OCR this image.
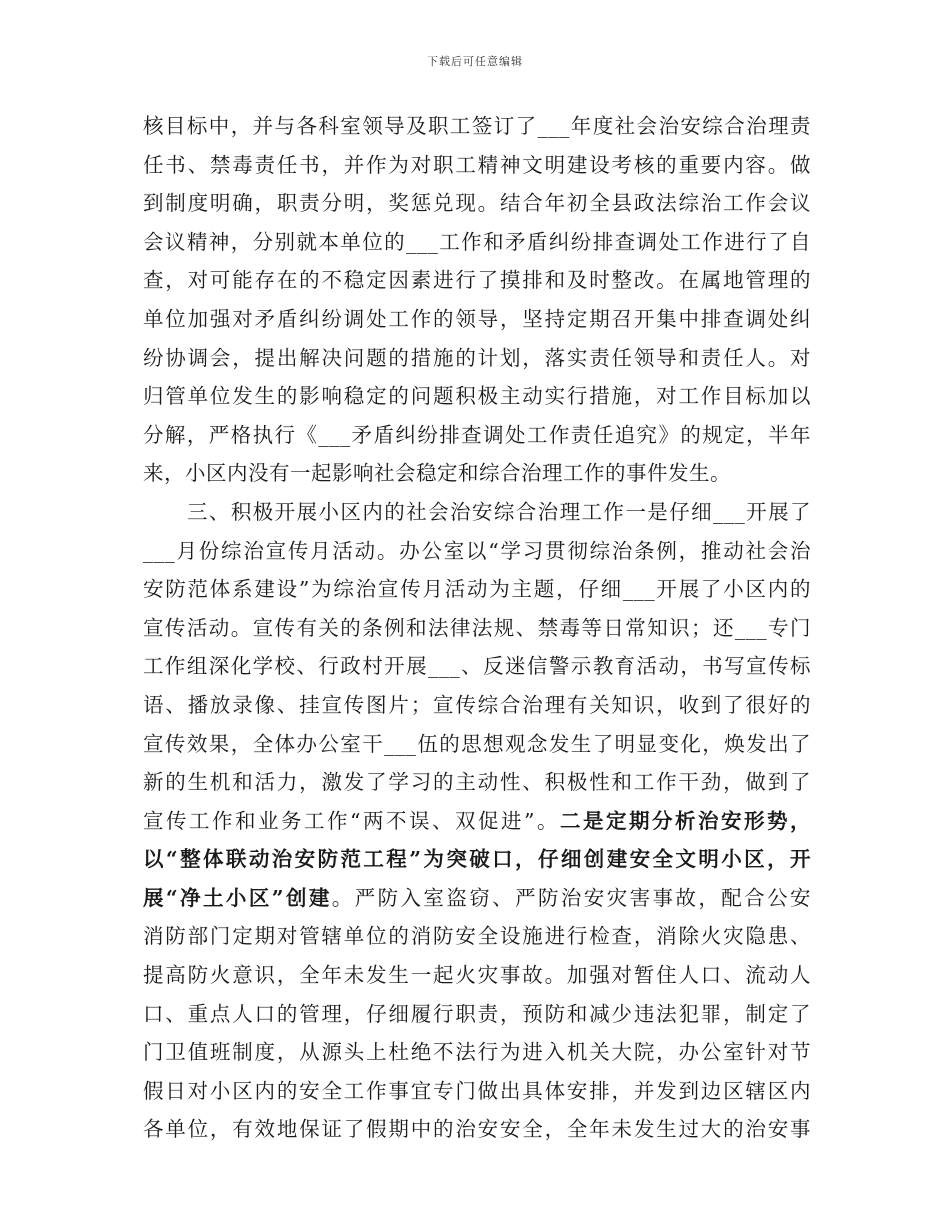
下载后可任意编辑
核目标中，并与各科室领导及职工签订了___年度社会治安综合治理责
任书、禁毒责任书，并作为对职工精神文明建设考核的重要内容。做
到制度明确，职责分明，奖惩兑现。结合年初全县政法综治工作会议
会议精神，分别就本单位的___工作和矛盾纠纷排查调处工作进行了自
查，对可能存在的不稳定因素进行了摸排和及时整改。在属地管理的
单位加强对矛盾纠纷调处工作的领导，坚持定期召开集中排查调处纠
纷协调会，提出解决问题的措施的计划，落实责任领导和责任人。对
归管单位发生的影响稳定的问题积极主动实行措施，对工作目标加以
分解，严格执行《___矛盾纠纷排查调处工作责任追究》的规定，半年
来，小区内没有一起影响社会稳定和综合治理工作的事件发生。
三、积极开展小区内的社会治安综合治理工作一是仔细___开展了
___月份综治宣传月活动。办公室以“学习贯彻综治条例，推动社会治
安防范体系建设”为综治宣传月活动为主题，仔细___开展了小区内的
宣传活动。宣传有关的条例和法律法规、禁毒等日常知识；还___专门
工作组深化学校、行政村开展___、反迷信警示教育活动，书写宣传标
语、播放录像、挂宣传图片；宣传综合治理有关知识，收到了很好的
宣传效果，全体办公室干___伍的思想观念发生了明显变化，焕发出了
新的生机和活力，激发了学习的主动性、积极性和工作干劲，做到了
宣传工作和业务工作“两不误、双促进”。二是定期分析治安形势，
以“整体联动治安防范工程”为突破口，仔细创建安全文明小区，开
展“净土小区”创建。严防入室盗窃、严防治安灾害事故，配合公安
消防部门定期对管辖单位的消防安全设施进行检查，消除火灾隐患、
提高防火意识，全年未发生一起火灾事故。加强对暂住人口、流动人
口、重点人口的管理，仔细履行职责，预防和减少违法犯罪，制定了
门卫值班制度，从源头上杜绝不法行为进入机关大院，办公室针对节
假日对小区内的安全工作事宜专门做出具体安排，并发到边区辖区内
各单位，有效地保证了假期中的治安安全，全年未发生过大的治安事
